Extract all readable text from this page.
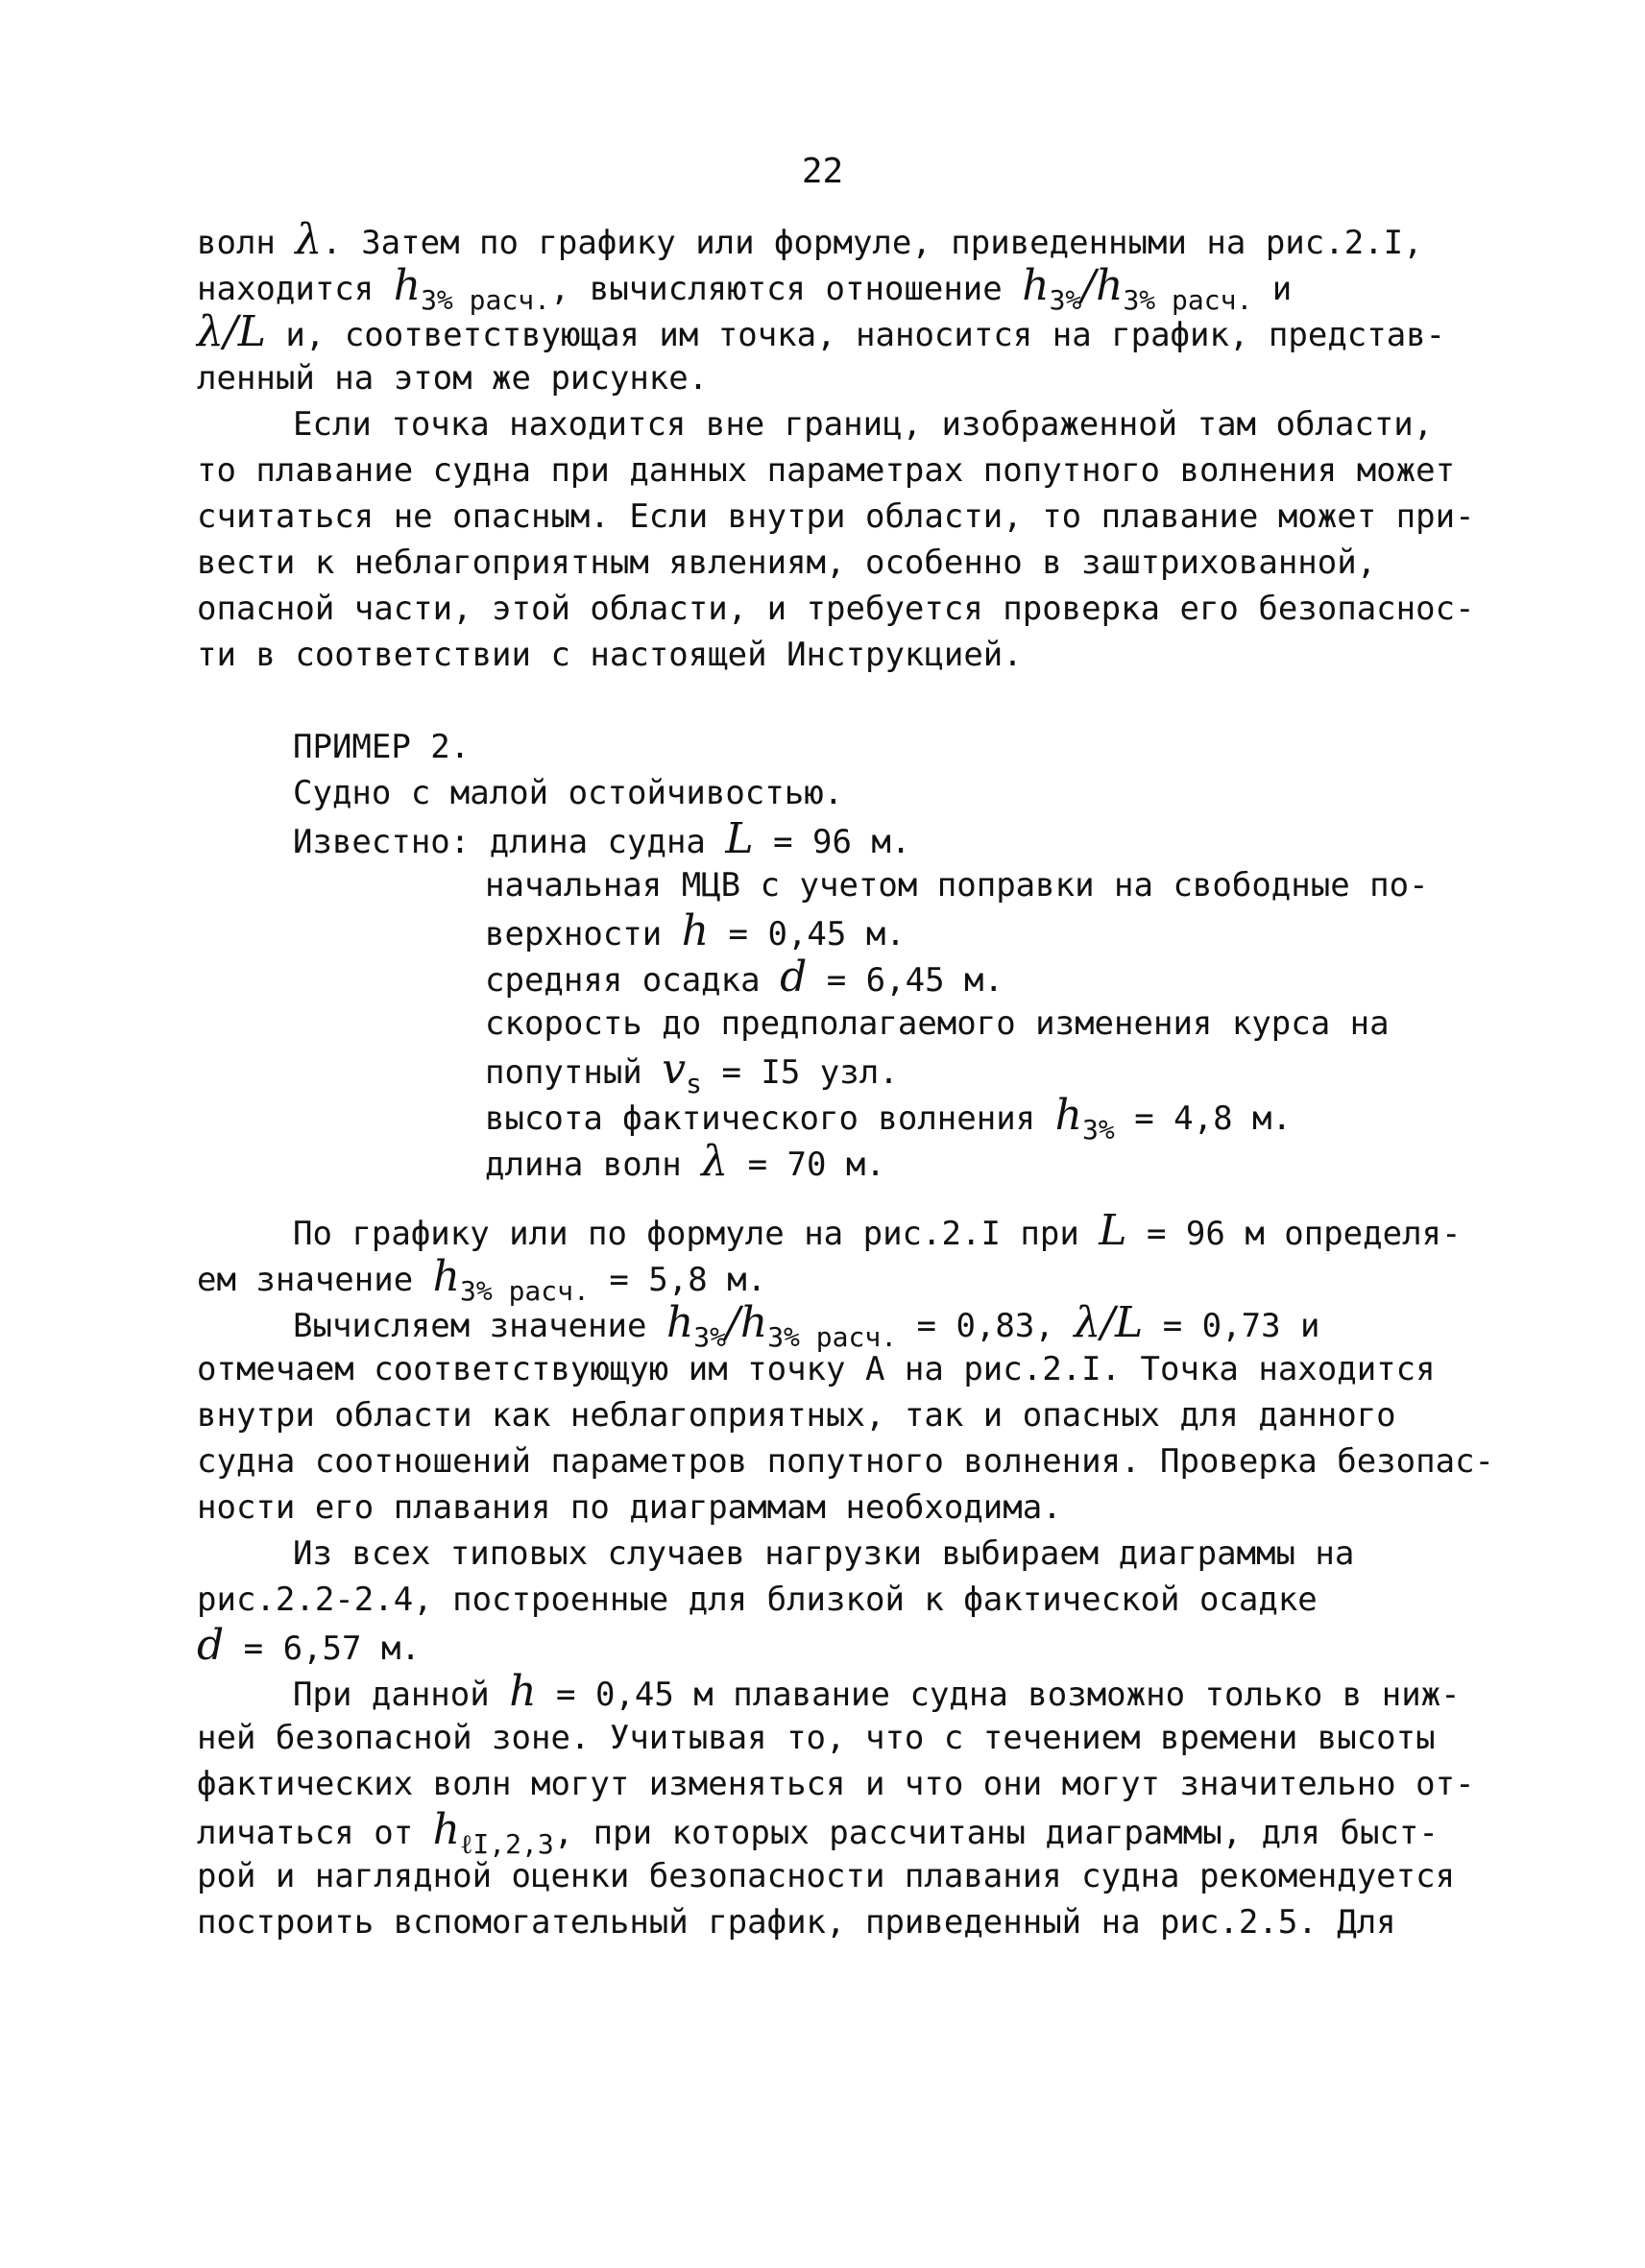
22
волн λ. Затем по графику или формуле, приведенными на рис.2.I,
находится $h_{3\% расч.}$, вычисляются отношение $h_{3\%}/h_{3\% расч.}$ и
λ/L и, соответствующая им точка, наносится на график, представ-
ленный на этом же рисунке.
Если точка находится вне границ, изображенной там области,
то плавание судна при данных параметрах попутного волнения может
считаться не опасным. Если внутри области, то плавание может при-
вести к неблагоприятным явлениям, особенно в заштрихованной,
опасной части, этой области, и требуется проверка его безопаснос-
ти в соответствии с настоящей Инструкцией.
ПРИМЕР 2.
Судно с малой остойчивостью.
Известно: длина судна L = 96 м.
начальная МЦВ с учетом поправки на свободные по-
верхности h = 0,45 м.
средняя осадка d = 6,45 м.
скорость до предполагаемого изменения курса на
попутный $v_s = I5$ узл.
высота фактического волнения $h_{3\%} = 4,8$ м.
длина волн λ = 70 м.
По графику или по формуле на рис.2.I при L = 96 м определя-
ем значение $h_{3\% расч.} = 5,8$ м.
Вычисляем значение $h_{3\%}/h_{3\% расч.} = 0,83$, λ/L = 0,73 и
отмечаем соответствующую им точку А на рис.2.I. Точка находится
внутри области как неблагоприятных, так и опасных для данного
судна соотношений параметров попутного волнения. Проверка безопас-
ности его плавания по диаграммам необходима.
Из всех типовых случаев нагрузки выбираем диаграммы на
рис.2.2-2.4, построенные для близкой к фактической осадке
d = 6,57 м.
При данной h = 0,45 м плавание судна возможно только в ниж-
ней безопасной зоне. Учитывая то, что с течением времени высоты
фактических волн могут изменяться и что они могут значительно от-
личаться от $h_{\ell I,2,3}$, при которых рассчитаны диаграммы, для быст-
рой и наглядной оценки безопасности плавания судна рекомендуется
построить вспомогательный график, приведенный на рис.2.5. Для
